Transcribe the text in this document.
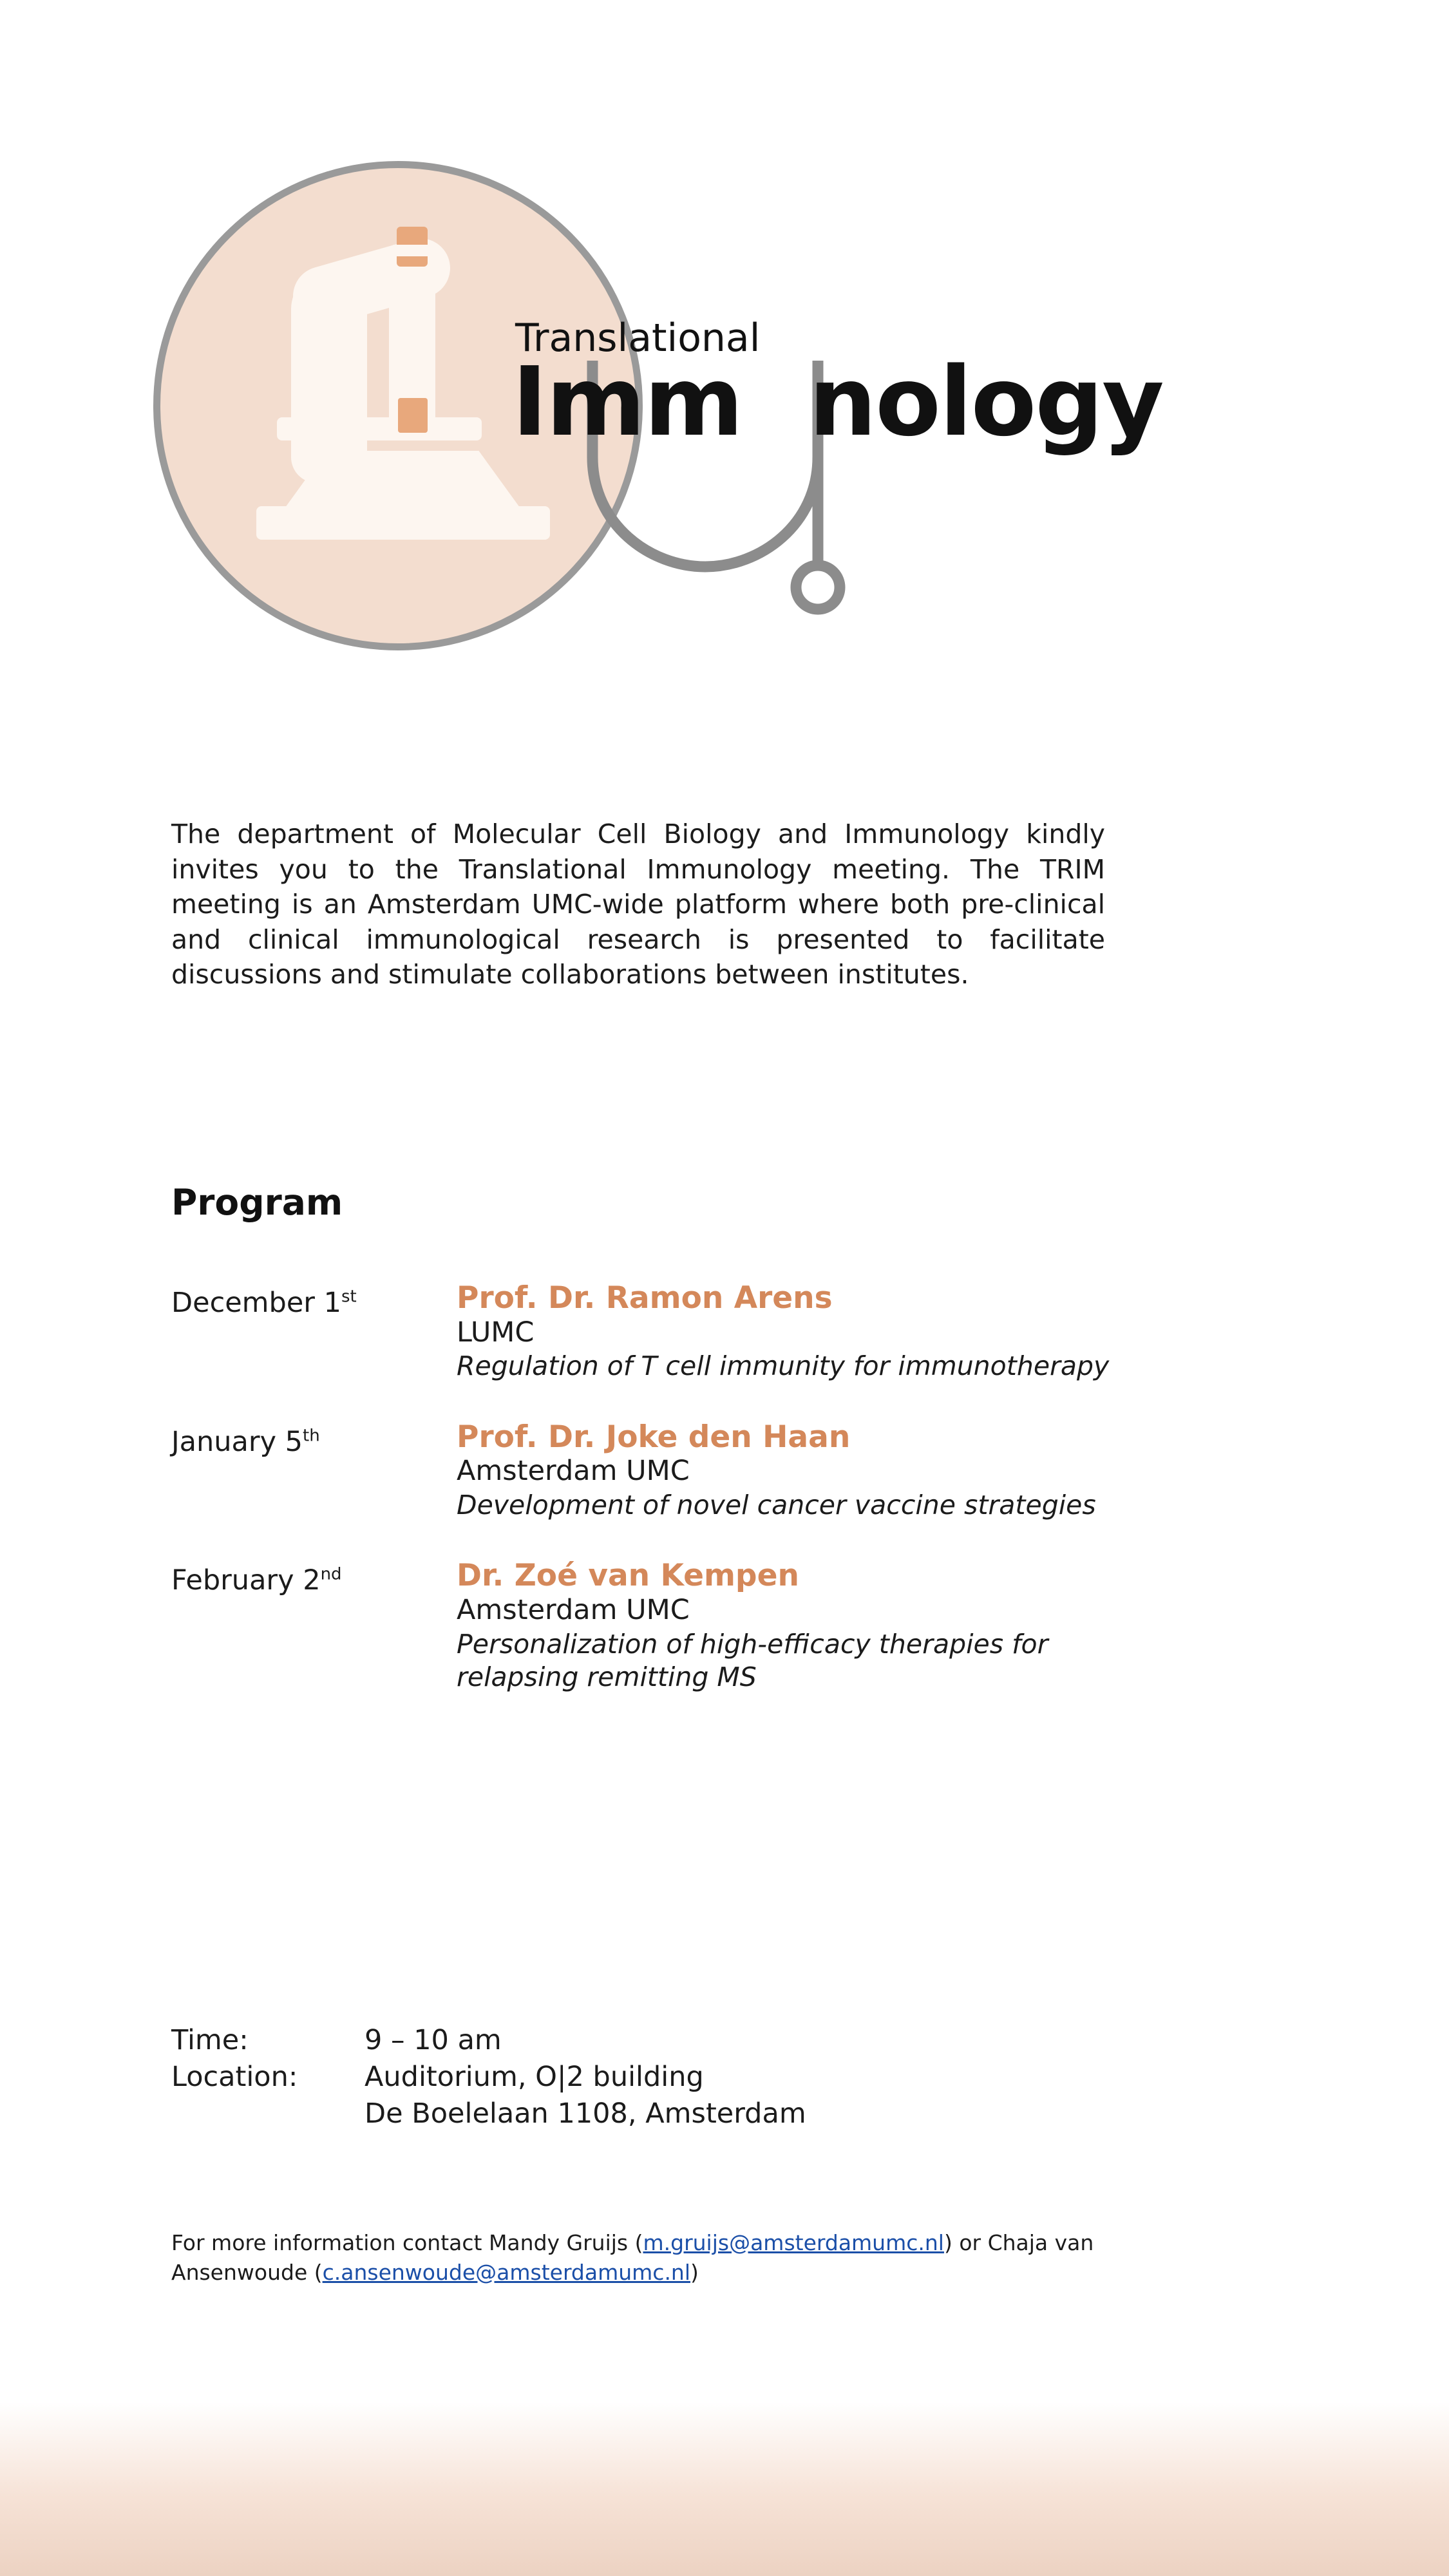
Translational
Imm nology
The department of Molecular Cell Biology and Immunology kindly invites you to the Translational Immunology meeting. The TRIM meeting is an Amsterdam UMC-wide platform where both pre-clinical and clinical immunological research is presented to facilitate discussions and stimulate collaborations between institutes.
Program
December 1st	Prof. Dr. Ramon Arens
LUMC
Regulation of T cell immunity for immunotherapy
January 5th	Prof. Dr. Joke den Haan
Amsterdam UMC
Development of novel cancer vaccine strategies
February 2nd	Dr. Zoé van Kempen
Amsterdam UMC
Personalization of high-efficacy therapies for relapsing remitting MS
Time:	9 – 10 am
Location: Auditorium, O|2 building
De Boelelaan 1108, Amsterdam
For more information contact Mandy Gruijs (m.gruijs@amsterdamumc.nl) or Chaja van Ansenwoude (c.ansenwoude@amsterdamumc.nl)
